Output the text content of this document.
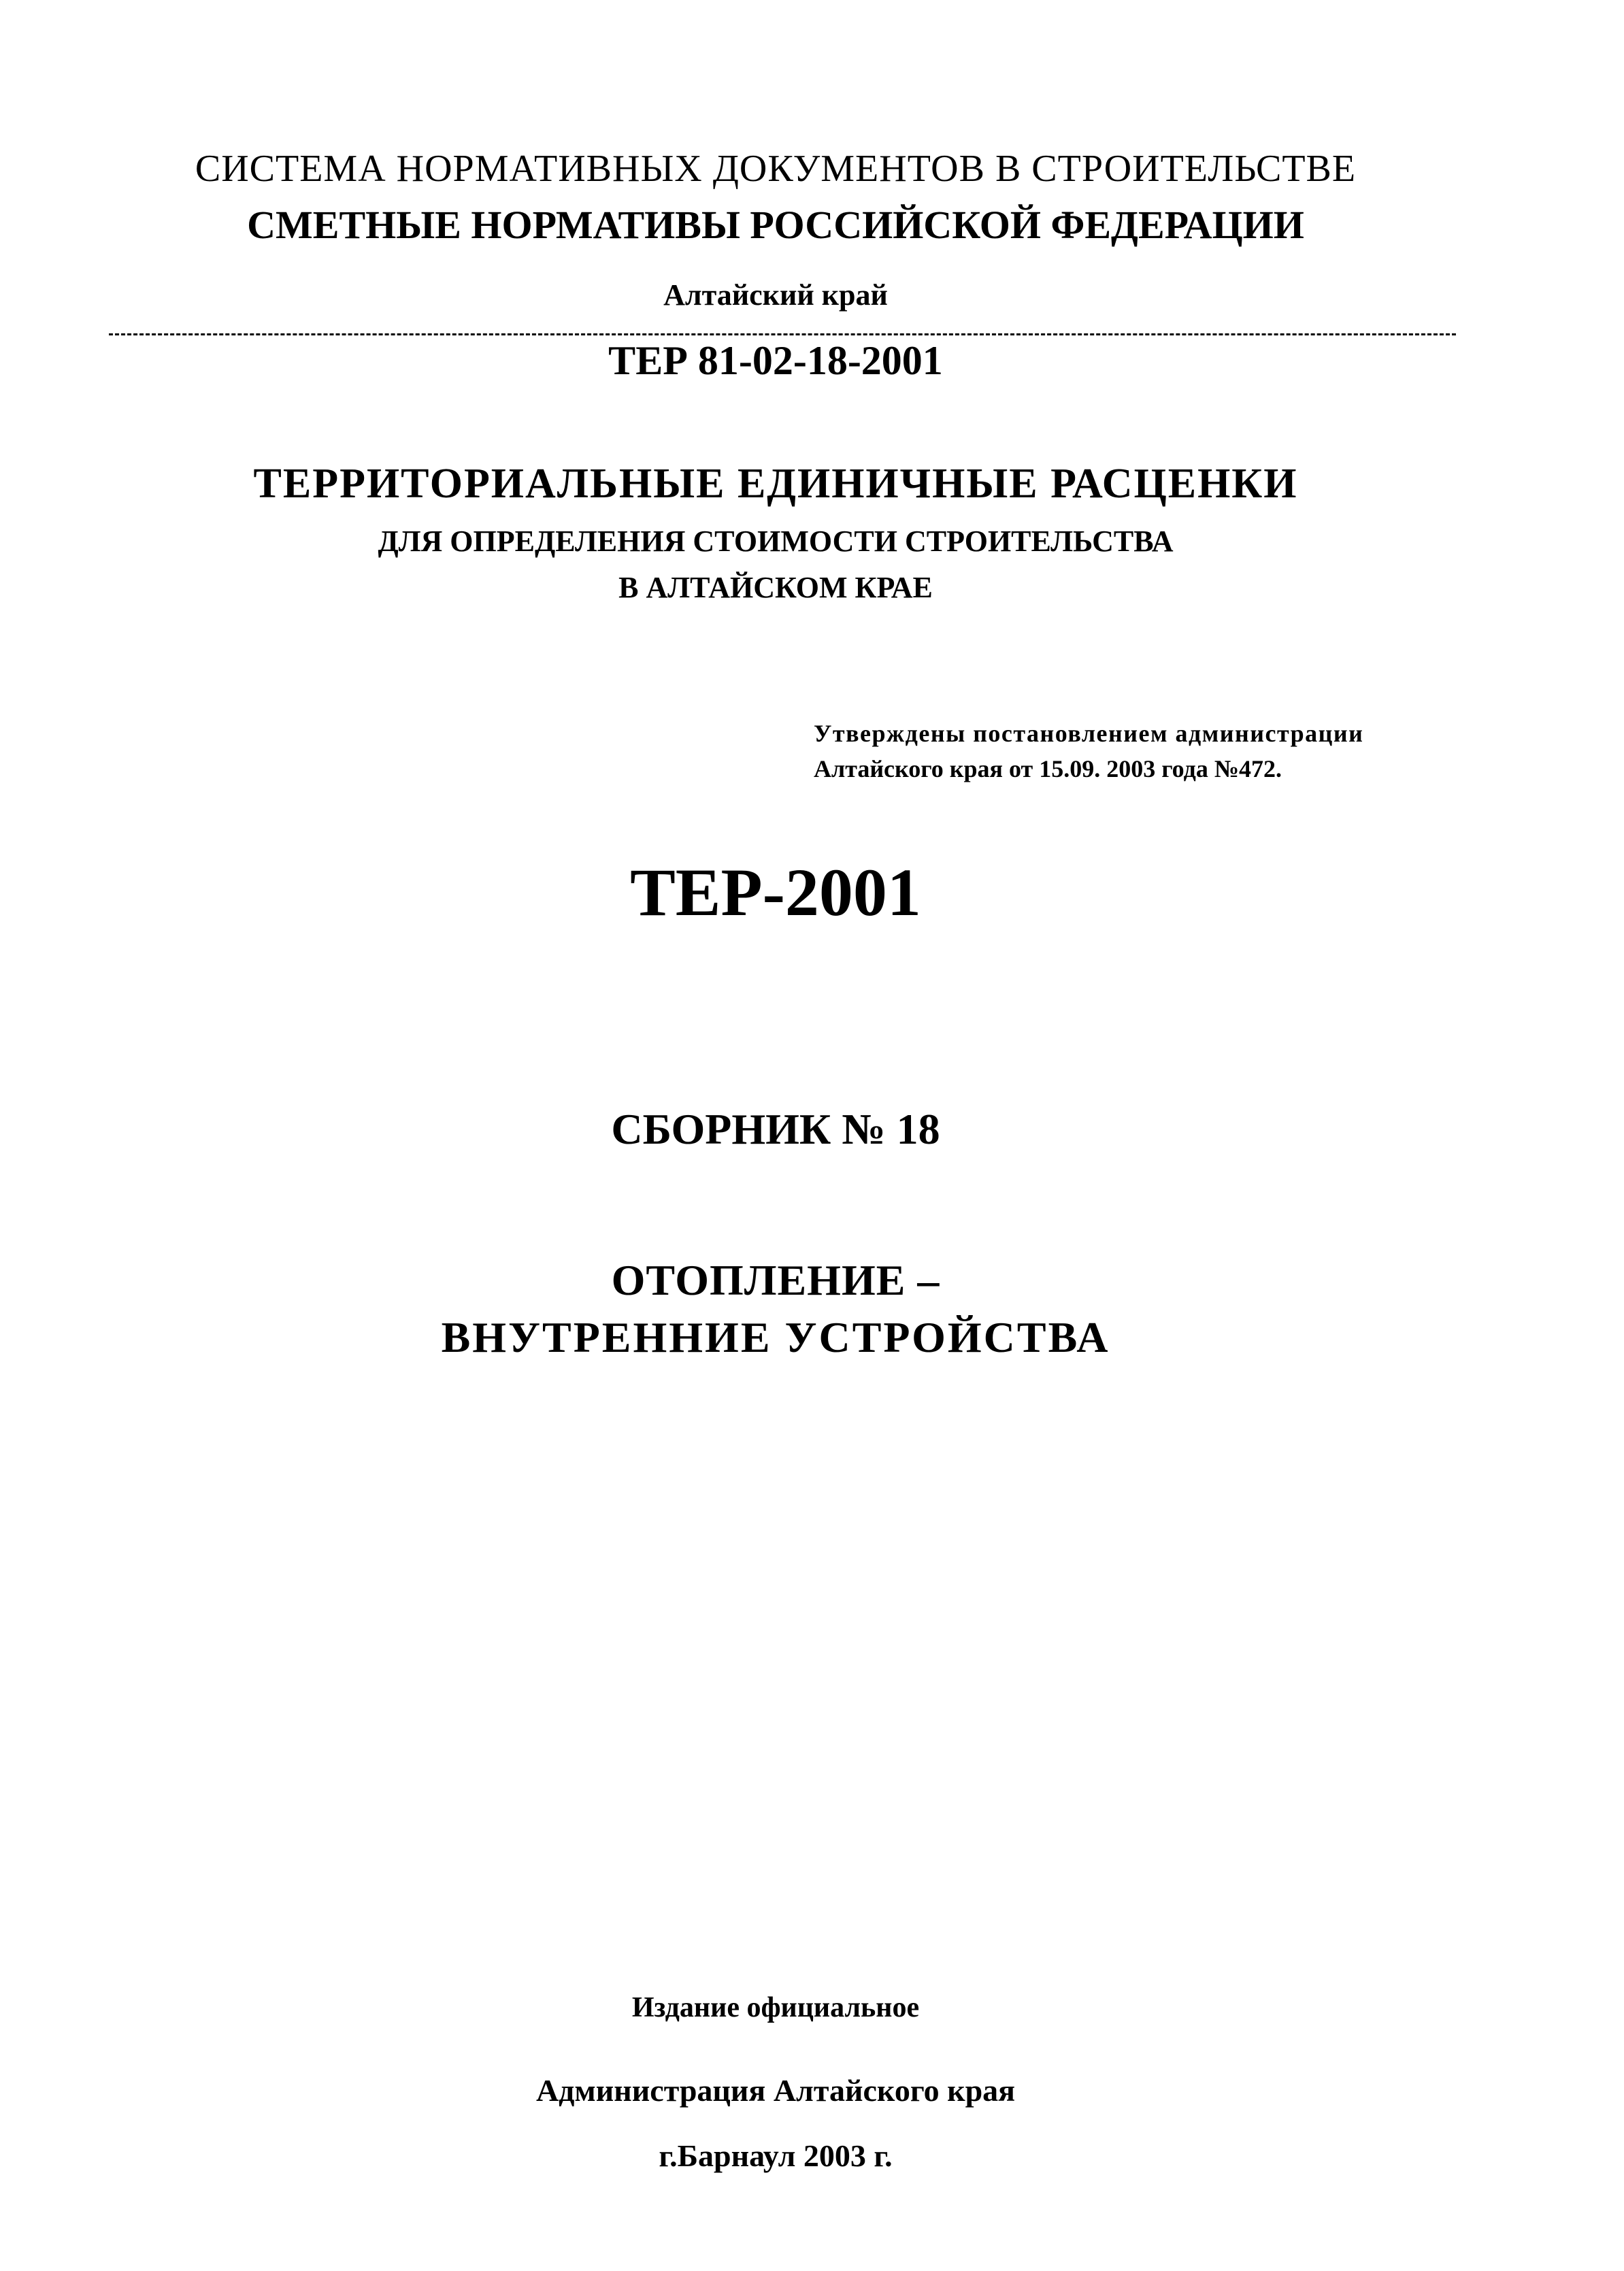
СИСТЕМА НОРМАТИВНЫХ ДОКУМЕНТОВ В СТРОИТЕЛЬСТВЕ
СМЕТНЫЕ НОРМАТИВЫ РОССИЙСКОЙ ФЕДЕРАЦИИ
Алтайский край
ТЕР 81-02-18-2001
ТЕРРИТОРИАЛЬНЫЕ ЕДИНИЧНЫЕ РАСЦЕНКИ
ДЛЯ ОПРЕДЕЛЕНИЯ СТОИМОСТИ СТРОИТЕЛЬСТВА
В АЛТАЙСКОМ КРАЕ
Утверждены постановлением администрации
Алтайского края от 15.09. 2003 года №472.
ТЕР-2001
СБОРНИК № 18
ОТОПЛЕНИЕ –
ВНУТРЕННИЕ УСТРОЙСТВА
Издание официальное
Администрация Алтайского края
г.Барнаул 2003 г.
